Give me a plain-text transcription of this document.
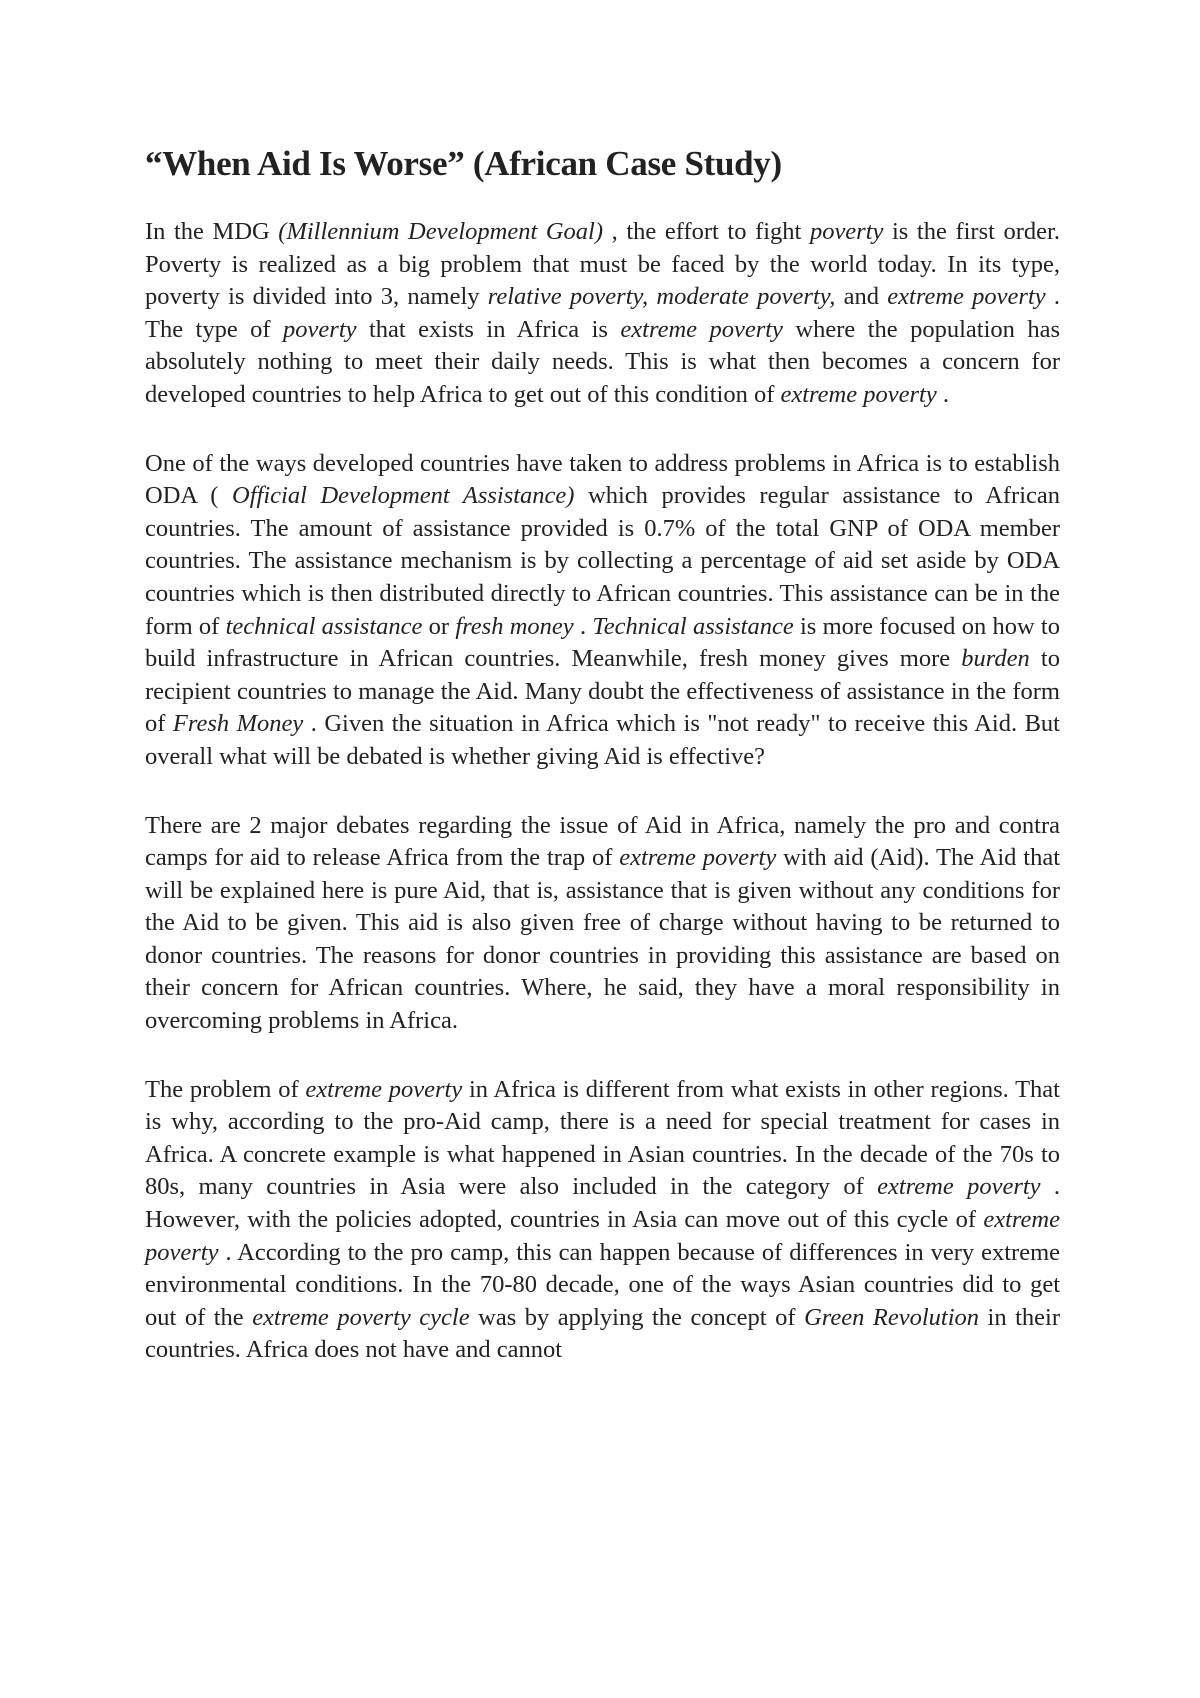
“When Aid Is Worse” (African Case Study)

In the MDG (Millennium Development Goal) , the effort to fight poverty is the first order. Poverty is realized as a big problem that must be faced by the world today. In its type, poverty is divided into 3, namely relative poverty, moderate poverty, and extreme poverty . The type of poverty that exists in Africa is extreme poverty where the population has absolutely nothing to meet their daily needs. This is what then becomes a concern for developed countries to help Africa to get out of this condition of extreme poverty .

One of the ways developed countries have taken to address problems in Africa is to establish ODA ( Official Development Assistance) which provides regular assistance to African countries. The amount of assistance provided is 0.7% of the total GNP of ODA member countries. The assistance mechanism is by collecting a percentage of aid set aside by ODA countries which is then distributed directly to African countries. This assistance can be in the form of technical assistance or fresh money . Technical assistance is more focused on how to build infrastructure in African countries. Meanwhile, fresh money gives more burden to recipient countries to manage the Aid. Many doubt the effectiveness of assistance in the form of Fresh Money . Given the situation in Africa which is "not ready" to receive this Aid. But overall what will be debated is whether giving Aid is effective?

There are 2 major debates regarding the issue of Aid in Africa, namely the pro and contra camps for aid to release Africa from the trap of extreme poverty with aid (Aid). The Aid that will be explained here is pure Aid, that is, assistance that is given without any conditions for the Aid to be given. This aid is also given free of charge without having to be returned to donor countries. The reasons for donor countries in providing this assistance are based on their concern for African countries. Where, he said, they have a moral responsibility in overcoming problems in Africa.

The problem of extreme poverty in Africa is different from what exists in other regions. That is why, according to the pro-Aid camp, there is a need for special treatment for cases in Africa. A concrete example is what happened in Asian countries. In the decade of the 70s to 80s, many countries in Asia were also included in the category of extreme poverty . However, with the policies adopted, countries in Asia can move out of this cycle of extreme poverty . According to the pro camp, this can happen because of differences in very extreme environmental conditions. In the 70-80 decade, one of the ways Asian countries did to get out of the extreme poverty cycle was by applying the concept of Green Revolution in their countries. Africa does not have and cannot
